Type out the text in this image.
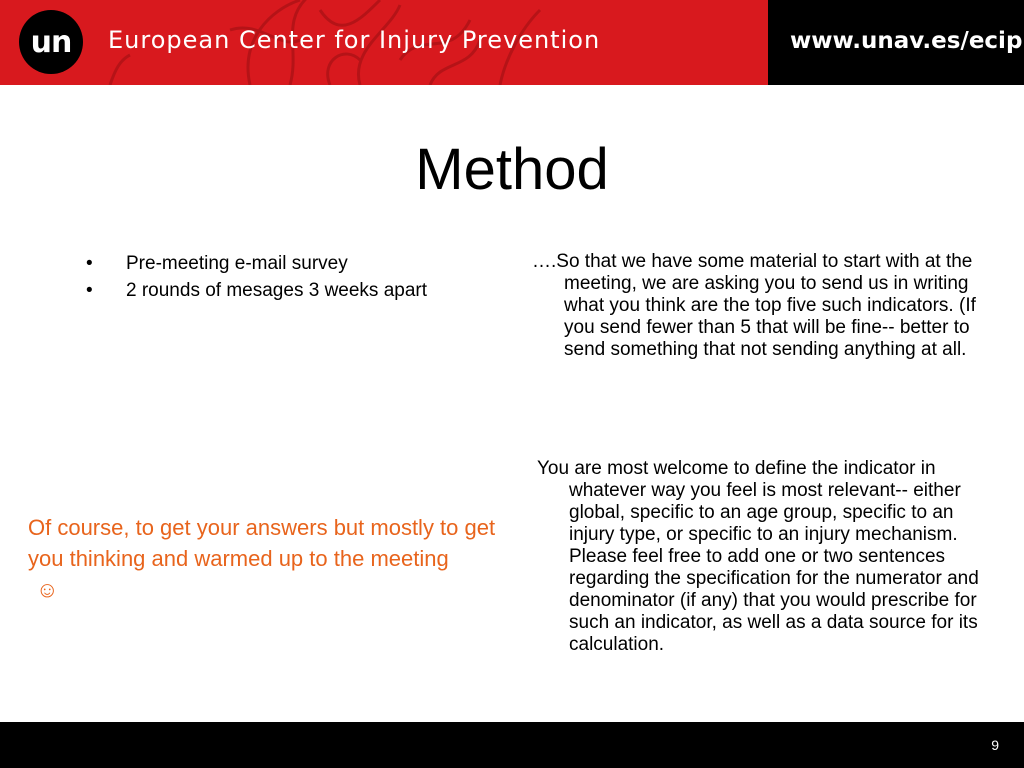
un European Center for Injury Prevention	www.unav.es/ecip
Method
• Pre-meeting e-mail survey
• 2 rounds of mesages 3 weeks apart
Of course, to get your answers but mostly to get you thinking and warmed up to the meeting
☺
….So that we have some material to start with at the meeting, we are asking you to send us in writing what you think are the top five such indicators. (If you send fewer than 5 that will be fine-- better to send something that not sending anything at all.
You are most welcome to define the indicator in whatever way you feel is most relevant-- either global, specific to an age group, specific to an injury type, or specific to an injury mechanism. Please feel free to add one or two sentences regarding the specification for the numerator and denominator (if any) that you would prescribe for such an indicator, as well as a data source for its calculation.
9
